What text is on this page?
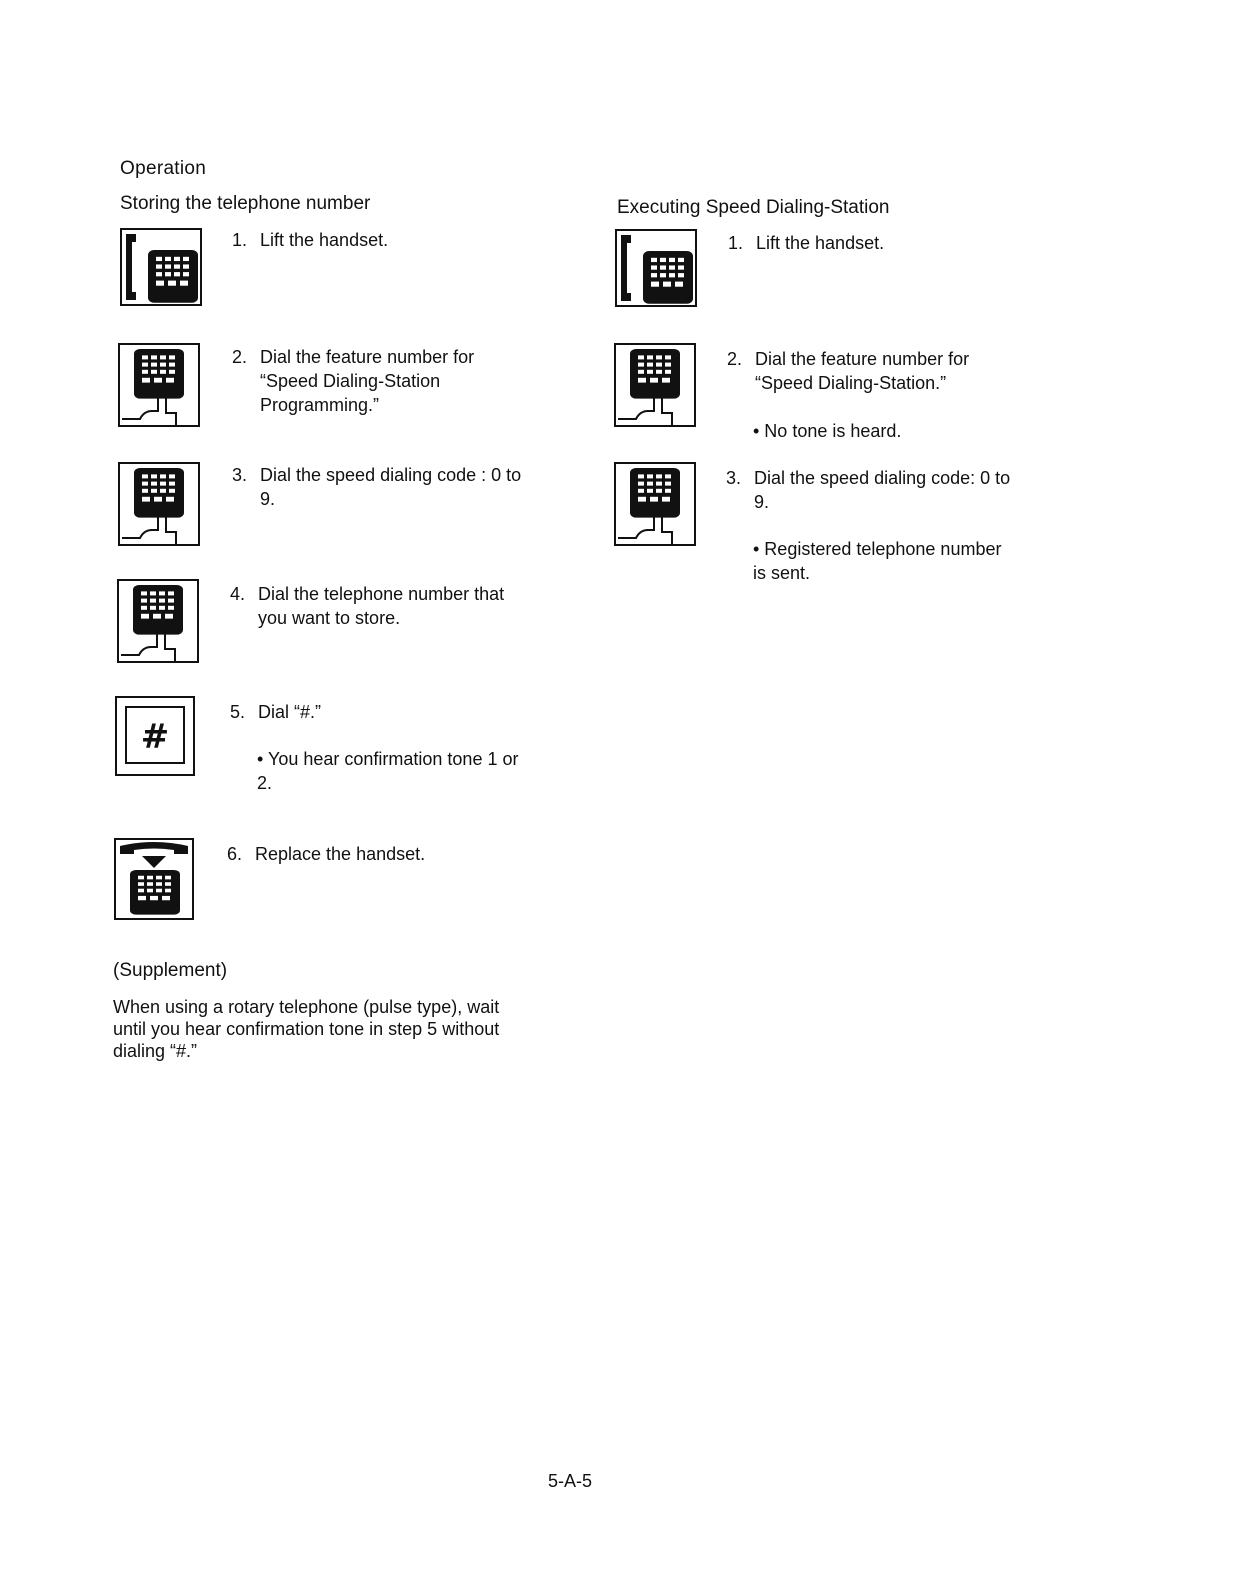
Operation
Storing the telephone number
1. Lift the handset.
2. Dial the feature number for
“Speed Dialing-Station
Programming.”
3. Dial the speed dialing code : 0 to
9.
4. Dial the telephone number that
you want to store.
#
5. Dial “#.”
• You hear confirmation tone 1 or
2.
6. Replace the handset.
Executing Speed Dialing-Station
1. Lift the handset.
2. Dial the feature number for
“Speed Dialing-Station.”
• No tone is heard.
3. Dial the speed dialing code: 0 to
9.
• Registered telephone number
is sent.
(Supplement)
When using a rotary telephone (pulse type), wait
until you hear confirmation tone in step 5 without
dialing “#.”
5-A-5
